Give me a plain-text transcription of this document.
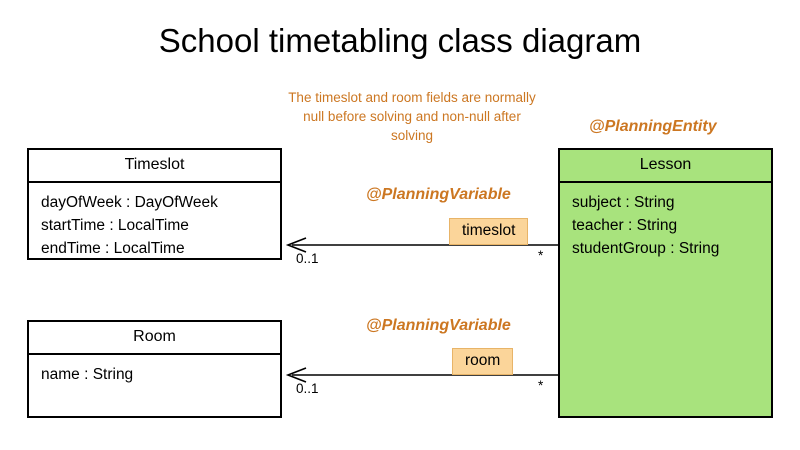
School timetabling class diagram
The timeslot and room fields are normally null before solving and non-null after solving
@PlanningEntity
@PlanningVariable
@PlanningVariable
Timeslot
dayOfWeek : DayOfWeek
startTime : LocalTime
endTime : LocalTime
Room
name : String
Lesson
subject : String
teacher : String
studentGroup : String
timeslot
room
0..1	*
0..1	*
